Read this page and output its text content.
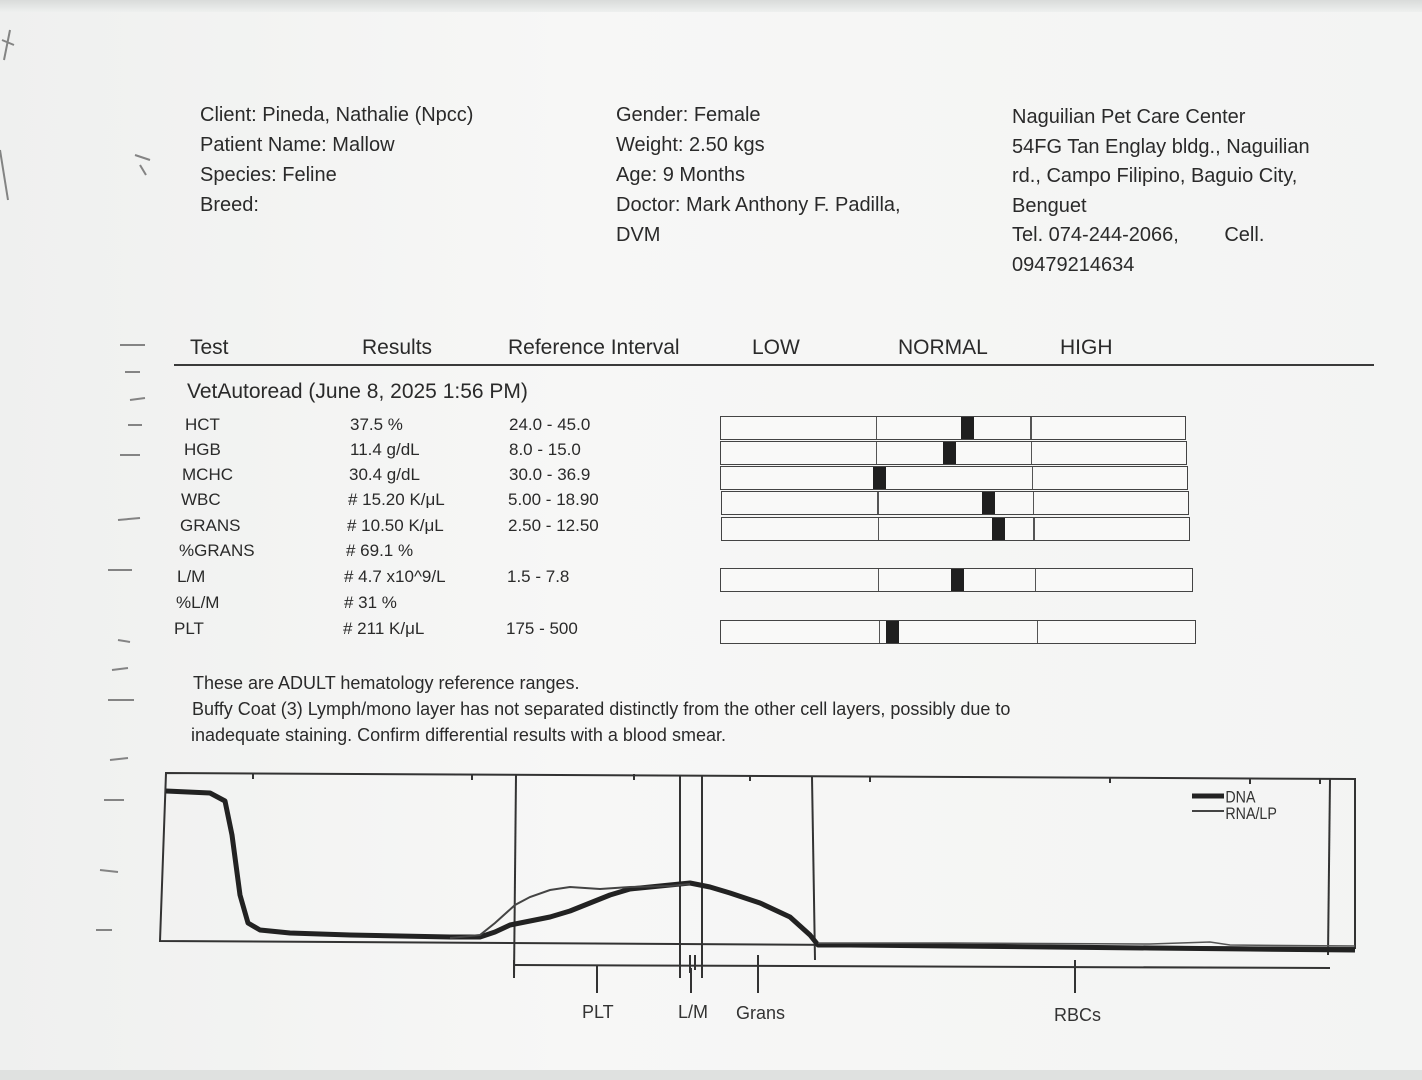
Client: Pineda, Nathalie (Npcc)
Patient Name: Mallow
Species: Feline
Breed:
Gender: Female
Weight: 2.50 kgs
Age: 9 Months
Doctor: Mark Anthony F. Padilla,
DVM
Naguilian Pet Care Center
54FG Tan Englay bldg., Naguilian
rd., Campo Filipino, Baguio City,
Benguet
Tel. 074-244-2066, Cell.
09479214634
Test	Results	Reference Interval	LOW	NORMAL	HIGH
VetAutoread (June 8, 2025 1:56 PM)
HCT	37.5 %	24.0 - 45.0
HGB	11.4 g/dL	8.0 - 15.0
MCHC	30.4 g/dL	30.0 - 36.9
WBC	# 15.20 K/μL	5.00 - 18.90
GRANS	# 10.50 K/μL	2.50 - 12.50
%GRANS	# 69.1 %
L/M	# 4.7 x10^9/L	1.5 - 7.8
%L/M	# 31 %
PLT	# 211 K/μL	175 - 500
These are ADULT hematology reference ranges.
Buffy Coat (3) Lymph/mono layer has not separated distinctly from the other cell layers, possibly due to
inadequate staining. Confirm differential results with a blood smear.
DNA
RNA/LP
PLT	L/M Grans	RBCs
